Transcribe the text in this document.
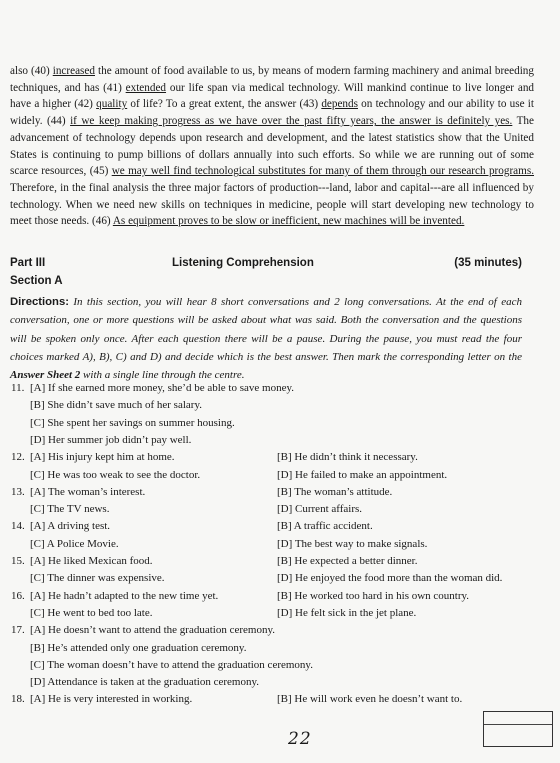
also (40) increased the amount of food available to us, by means of modern farming machinery and animal breeding techniques, and has (41) extended our life span via medical technology. Will mankind continue to live longer and have a higher (42) quality of life? To a great extent, the answer (43) depends on technology and our ability to use it widely. (44) if we keep making progress as we have over the past fifty years, the answer is definitely yes. The advancement of technology depends upon research and development, and the latest statistics show that the United States is continuing to pump billions of dollars annually into such efforts. So while we are running out of some scarce resources, (45) we may well find technological substitutes for many of them through our research programs. Therefore, in the final analysis the three major factors of production---land, labor and capital---are all influenced by technology. When we need new skills on techniques in medicine, people will start developing new technology to meet those needs. (46) As equipment proves to be slow or inefficient, new machines will be invented.
Part III	Listening Comprehension	(35 minutes)
Section A
Directions: In this section, you will hear 8 short conversations and 2 long conversations. At the end of each conversation, one or more questions will be asked about what was said. Both the conversation and the questions will be spoken only once. After each question there will be a pause. During the pause, you must read the four choices marked A), B), C) and D) and decide which is the best answer. Then mark the corresponding letter on the Answer Sheet 2 with a single line through the centre.
11. [A] If she earned more money, she’d be able to save money.
[B] She didn’t save much of her salary.
[C] She spent her savings on summer housing.
[D] Her summer job didn’t pay well.
12. [A] His injury kept him at home.	[B] He didn’t think it necessary.
[C] He was too weak to see the doctor.	[D] He failed to make an appointment.
13. [A] The woman’s interest.	[B] The woman’s attitude.
[C] The TV news.	[D] Current affairs.
14. [A] A driving test.	[B] A traffic accident.
[C] A Police Movie.	[D] The best way to make signals.
15. [A] He liked Mexican food.	[B] He expected a better dinner.
[C] The dinner was expensive.	[D] He enjoyed the food more than the woman did.
16. [A] He hadn’t adapted to the new time yet.	[B] He worked too hard in his own country.
[C] He went to bed too late.	[D] He felt sick in the jet plane.
17. [A] He doesn’t want to attend the graduation ceremony.
[B] He’s attended only one graduation ceremony.
[C] The woman doesn’t have to attend the graduation ceremony.
[D] Attendance is taken at the graduation ceremony.
18. [A] He is very interested in working.	[B] He will work even he doesn’t want to.
22
